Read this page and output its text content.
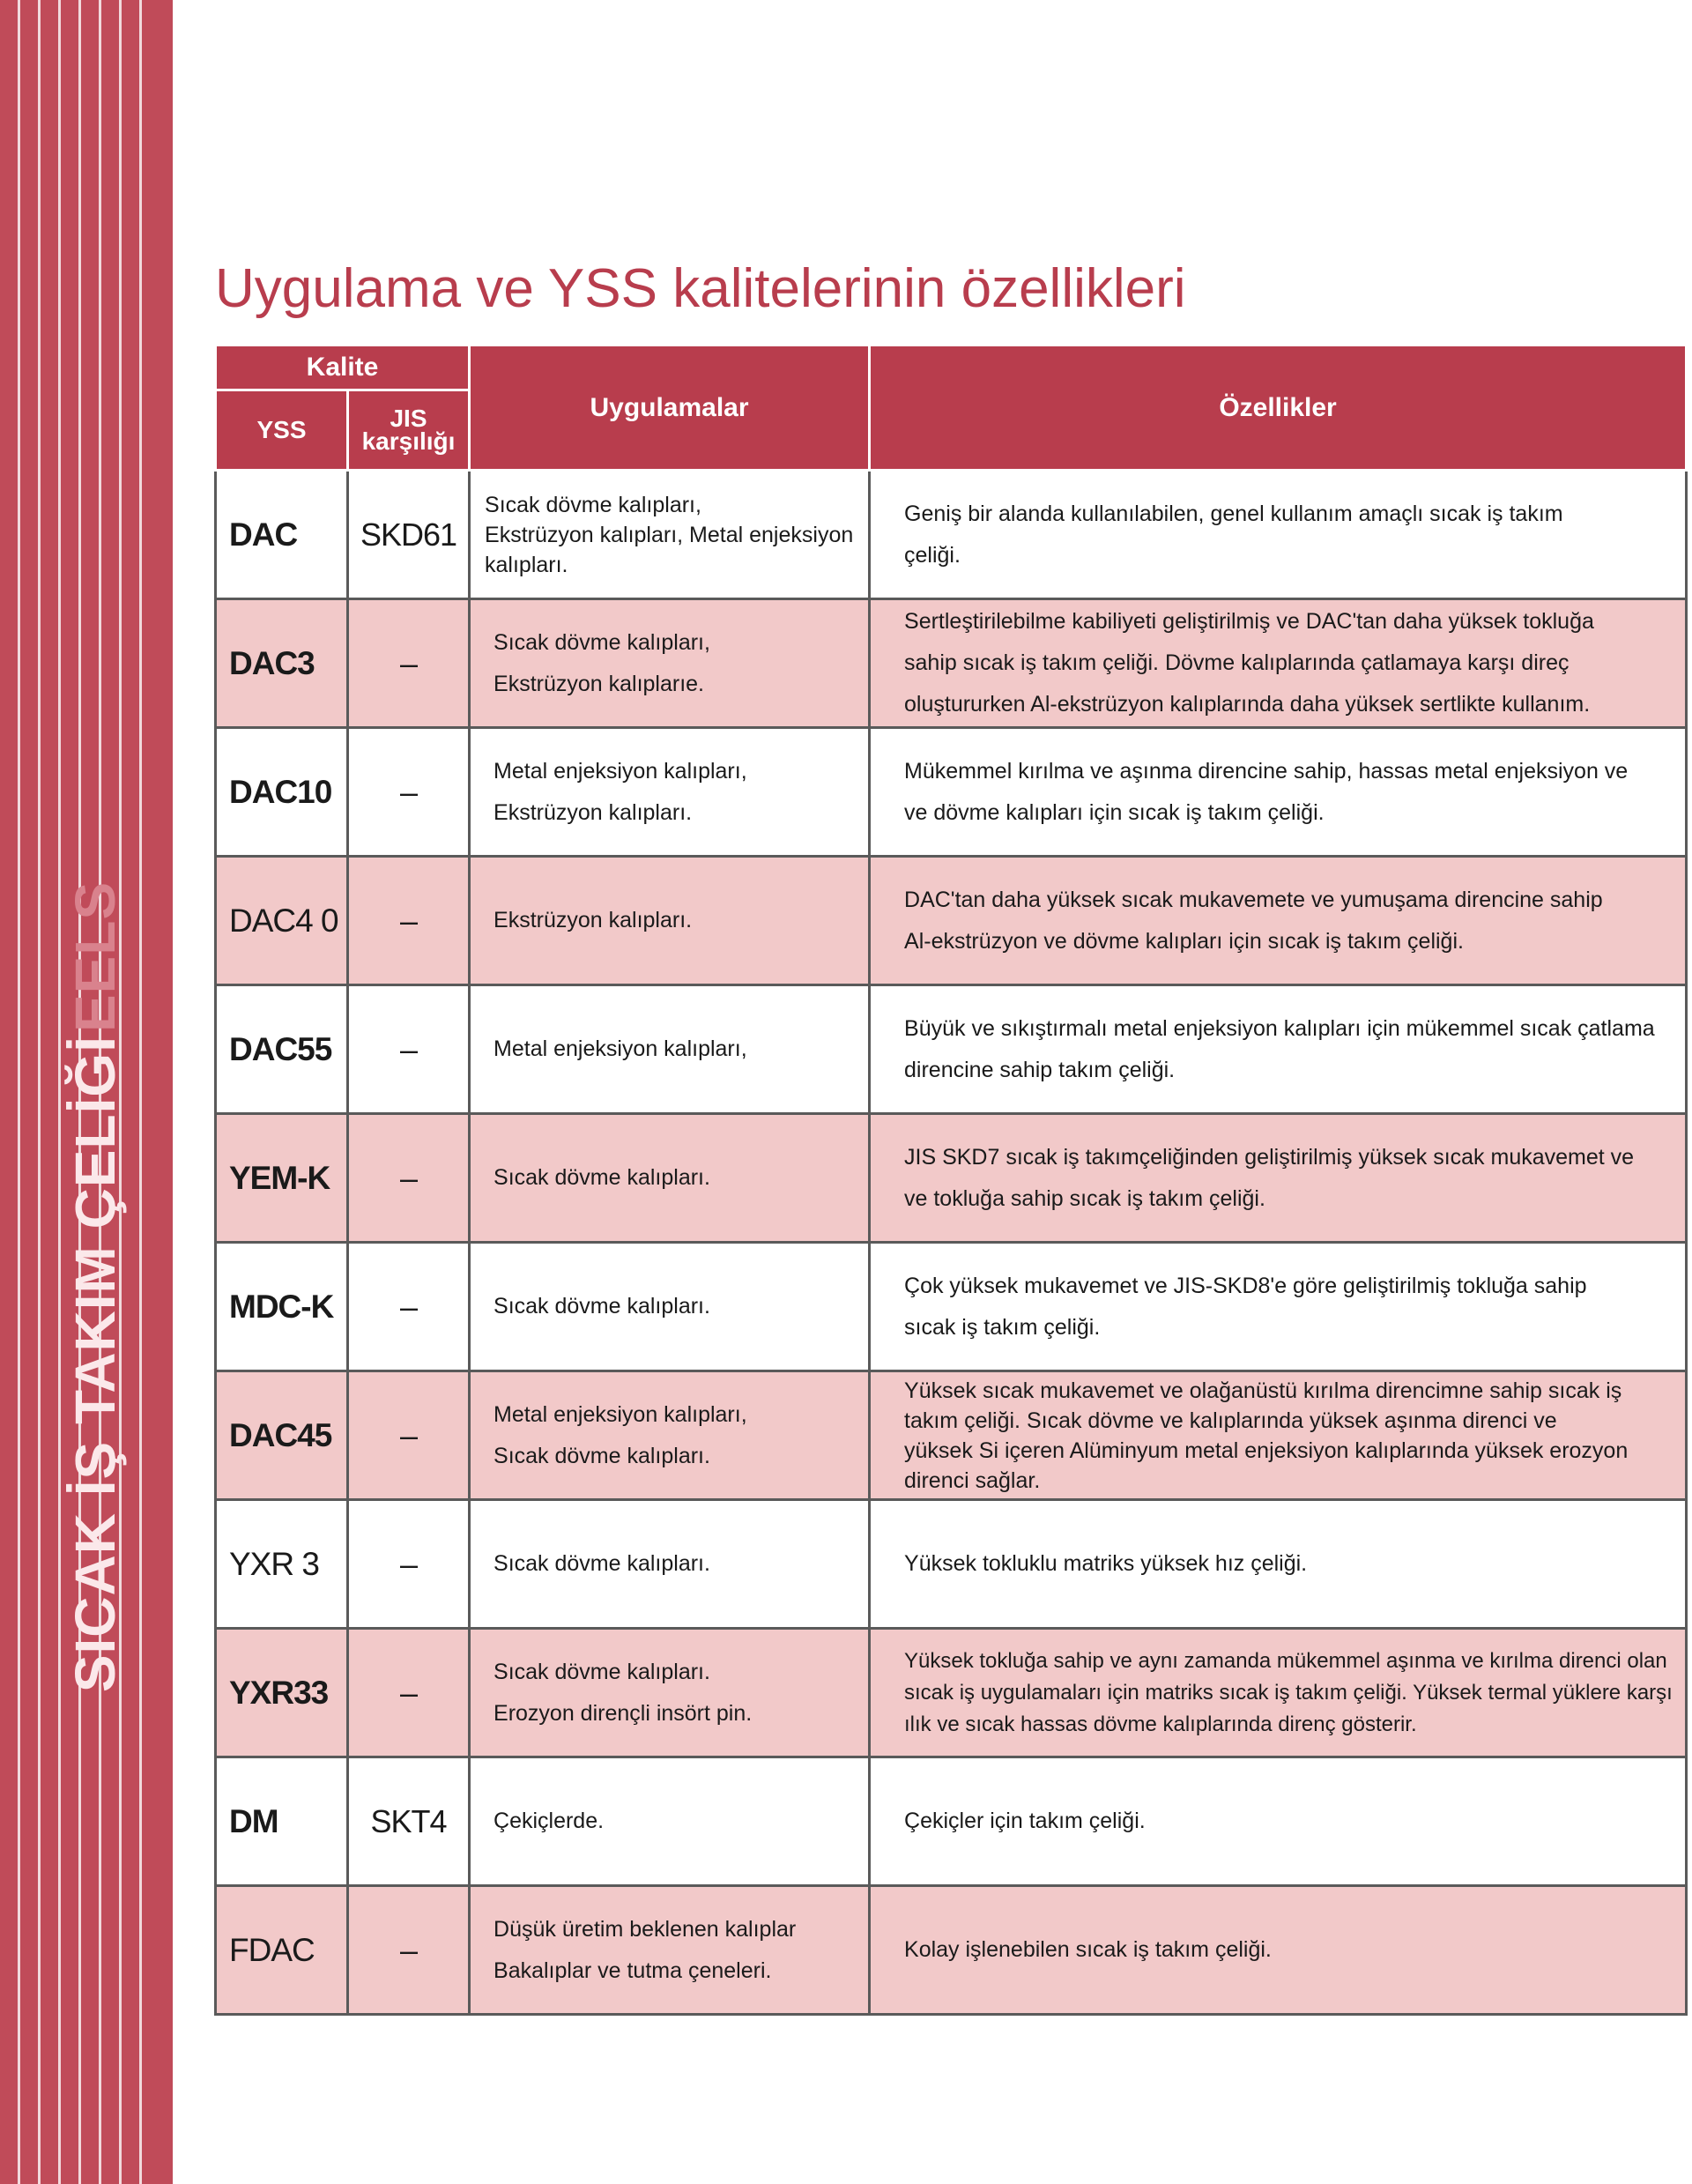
SICAK İŞ TAKIM ÇELİĞİEELS
Uygulama ve YSS kalitelerinin özellikleri
Kalite		Uygulamalar	Özellikler
YSS	JIS
karşılığı		

DAC	SKD61	Sıcak dövme kalıpları,
Ekstrüzyon kalıpları, Metal enjeksiyon
kalıpları.	Geniş bir alanda kullanılabilen, genel kullanım amaçlı sıcak iş takım
çeliği.

DAC3	–	Sıcak dövme kalıpları,
Ekstrüzyon kalıplarıe.	Sertleştirilebilme kabiliyeti geliştirilmiş ve DAC'tan daha yüksek tokluğa
sahip sıcak iş takım çeliği. Dövme kalıplarında çatlamaya karşı direç
oluştururken Al-ekstrüzyon kalıplarında daha yüksek sertlikte kullanım.

DAC10	–	Metal enjeksiyon kalıpları,
Ekstrüzyon kalıpları.	Mükemmel kırılma ve aşınma direncine sahip, hassas metal enjeksiyon ve
ve dövme kalıpları için sıcak iş takım çeliği.

DAC4 0	–	Ekstrüzyon kalıpları.	DAC'tan daha yüksek sıcak mukavemete ve yumuşama direncine sahip
Al-ekstrüzyon ve dövme kalıpları için sıcak iş takım çeliği.

DAC55	–	Metal enjeksiyon kalıpları,	Büyük ve sıkıştırmalı metal enjeksiyon kalıpları için mükemmel sıcak çatlama
direncine sahip takım çeliği.

YEM-K	–	Sıcak dövme kalıpları.	JIS SKD7 sıcak iş takımçeliğinden geliştirilmiş yüksek sıcak mukavemet ve
ve tokluğa sahip sıcak iş takım çeliği.

MDC-K	–	Sıcak dövme kalıpları.	Çok yüksek mukavemet ve JIS-SKD8'e göre geliştirilmiş tokluğa sahip
sıcak iş takım çeliği.

DAC45	–	Metal enjeksiyon kalıpları,
Sıcak dövme kalıpları.	Yüksek sıcak mukavemet ve olağanüstü kırılma direncimne sahip sıcak iş
takım çeliği. Sıcak dövme ve kalıplarında yüksek aşınma direnci ve
yüksek Si içeren Alüminyum metal enjeksiyon kalıplarında yüksek erozyon
direnci sağlar.

YXR 3	–	Sıcak dövme kalıpları.	Yüksek tokluklu matriks yüksek hız çeliği.

YXR33	–	Sıcak dövme kalıpları.
Erozyon dirençli insört pin.	Yüksek tokluğa sahip ve aynı zamanda mükemmel aşınma ve kırılma direnci olan
sıcak iş uygulamaları için matriks sıcak iş takım çeliği. Yüksek termal yüklere karşı
ılık ve sıcak hassas dövme kalıplarında direnç gösterir.

DM	SKT4	Çekiçlerde.	Çekiçler için takım çeliği.

FDAC	–	Düşük üretim beklenen kalıplar
Bakalıplar ve tutma çeneleri.	Kolay işlenebilen sıcak iş takım çeliği.
